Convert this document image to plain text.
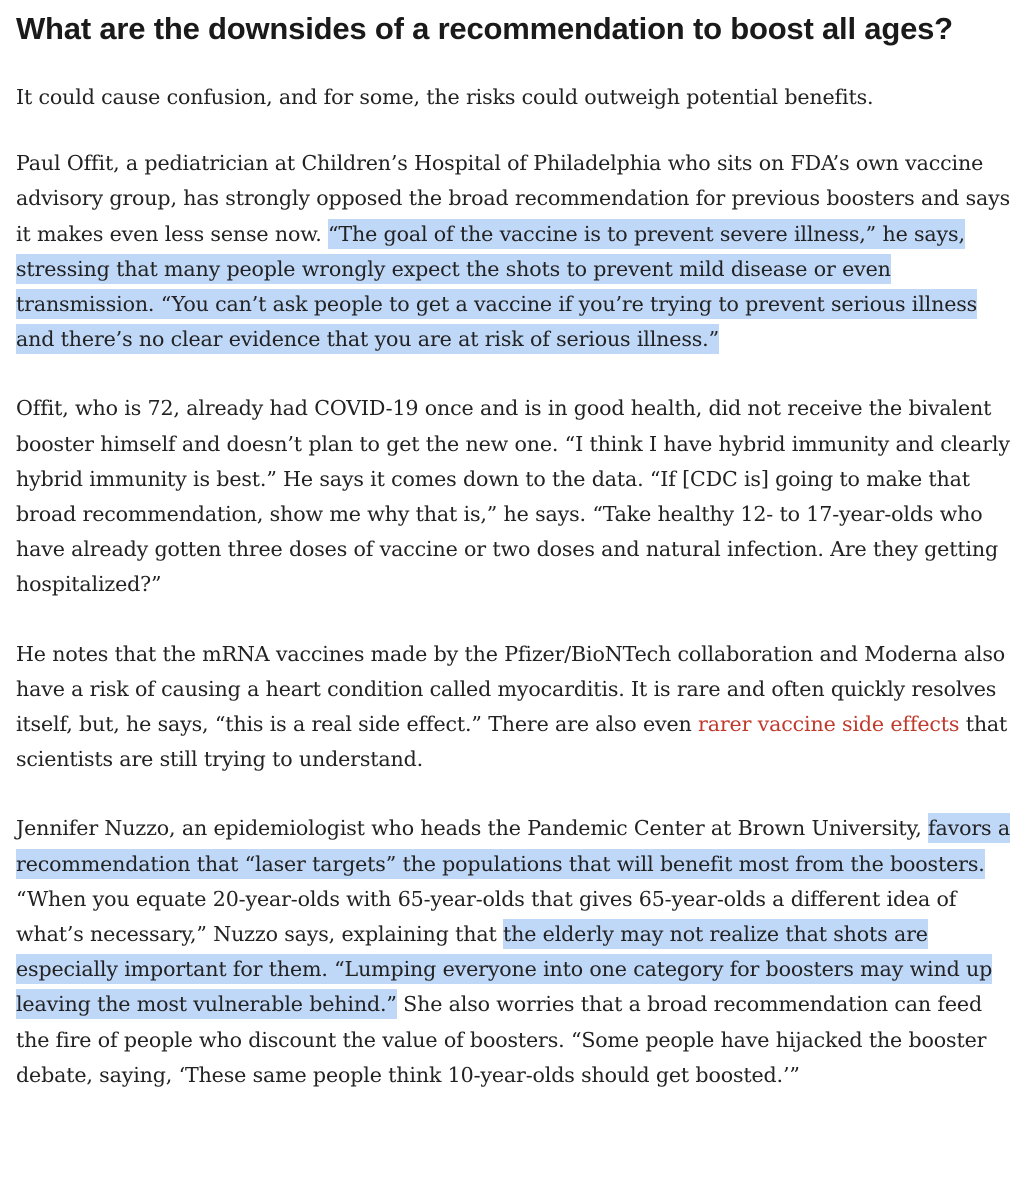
What are the downsides of a recommendation to boost all ages?

It could cause confusion, and for some, the risks could outweigh potential benefits.

Paul Offit, a pediatrician at Children’s Hospital of Philadelphia who sits on FDA’s own vaccine advisory group, has strongly opposed the broad recommendation for previous boosters and says it makes even less sense now. “The goal of the vaccine is to prevent severe illness,” he says, stressing that many people wrongly expect the shots to prevent mild disease or even transmission. “You can’t ask people to get a vaccine if you’re trying to prevent serious illness and there’s no clear evidence that you are at risk of serious illness.”

Offit, who is 72, already had COVID-19 once and is in good health, did not receive the bivalent booster himself and doesn’t plan to get the new one. “I think I have hybrid immunity and clearly hybrid immunity is best.” He says it comes down to the data. “If [CDC is] going to make that broad recommendation, show me why that is,” he says. “Take healthy 12- to 17-year-olds who have already gotten three doses of vaccine or two doses and natural infection. Are they getting hospitalized?”

He notes that the mRNA vaccines made by the Pfizer/BioNTech collaboration and Moderna also have a risk of causing a heart condition called myocarditis. It is rare and often quickly resolves itself, but, he says, “this is a real side effect.” There are also even rarer vaccine side effects that scientists are still trying to understand.

Jennifer Nuzzo, an epidemiologist who heads the Pandemic Center at Brown University, favors a recommendation that “laser targets” the populations that will benefit most from the boosters. “When you equate 20-year-olds with 65-year-olds that gives 65-year-olds a different idea of what’s necessary,” Nuzzo says, explaining that the elderly may not realize that shots are especially important for them. “Lumping everyone into one category for boosters may wind up leaving the most vulnerable behind.” She also worries that a broad recommendation can feed the fire of people who discount the value of boosters. “Some people have hijacked the booster debate, saying, ‘These same people think 10-year-olds should get boosted.’”
